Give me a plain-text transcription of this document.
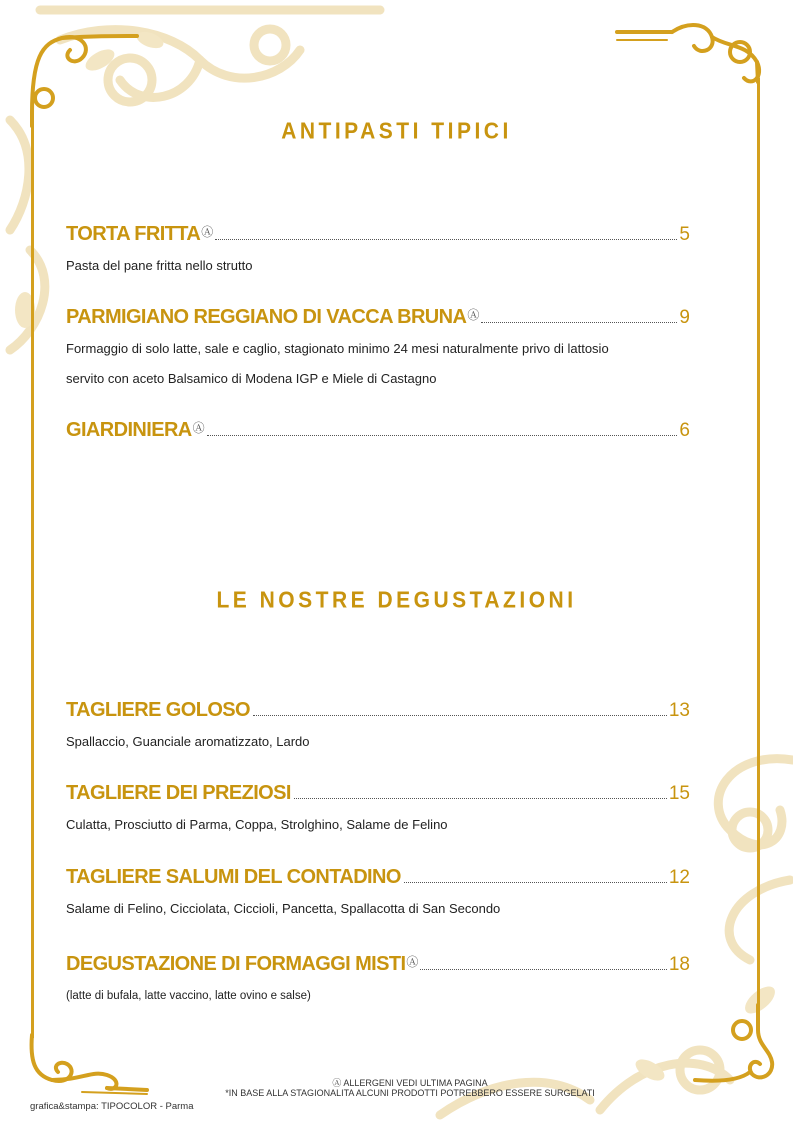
ANTIPASTI TIPICI
TORTA FRITTA Ⓐ	5
Pasta del pane fritta nello strutto
PARMIGIANO REGGIANO DI VACCA BRUNA Ⓐ	9
Formaggio di solo latte, sale e caglio, stagionato minimo 24 mesi naturalmente privo di lattosio
servito con aceto Balsamico di Modena IGP e Miele di Castagno
GIARDINIERA Ⓐ	6
LE NOSTRE DEGUSTAZIONI
TAGLIERE GOLOSO	13
Spallaccio, Guanciale aromatizzato, Lardo
TAGLIERE DEI PREZIOSI	15
Culatta, Prosciutto di Parma, Coppa, Strolghino, Salame de Felino
TAGLIERE SALUMI DEL CONTADINO	12
Salame di Felino, Cicciolata, Ciccioli, Pancetta, Spallacotta di San Secondo
DEGUSTAZIONE DI FORMAGGI MISTI Ⓐ	18
(latte di bufala, latte vaccino, latte ovino e salse)
Ⓐ ALLERGENI VEDI ULTIMA PAGINA
*IN BASE ALLA STAGIONALITA ALCUNI PRODOTTI POTREBBERO ESSERE SURGELATI
grafica&stampa: TIPOCOLOR - Parma
